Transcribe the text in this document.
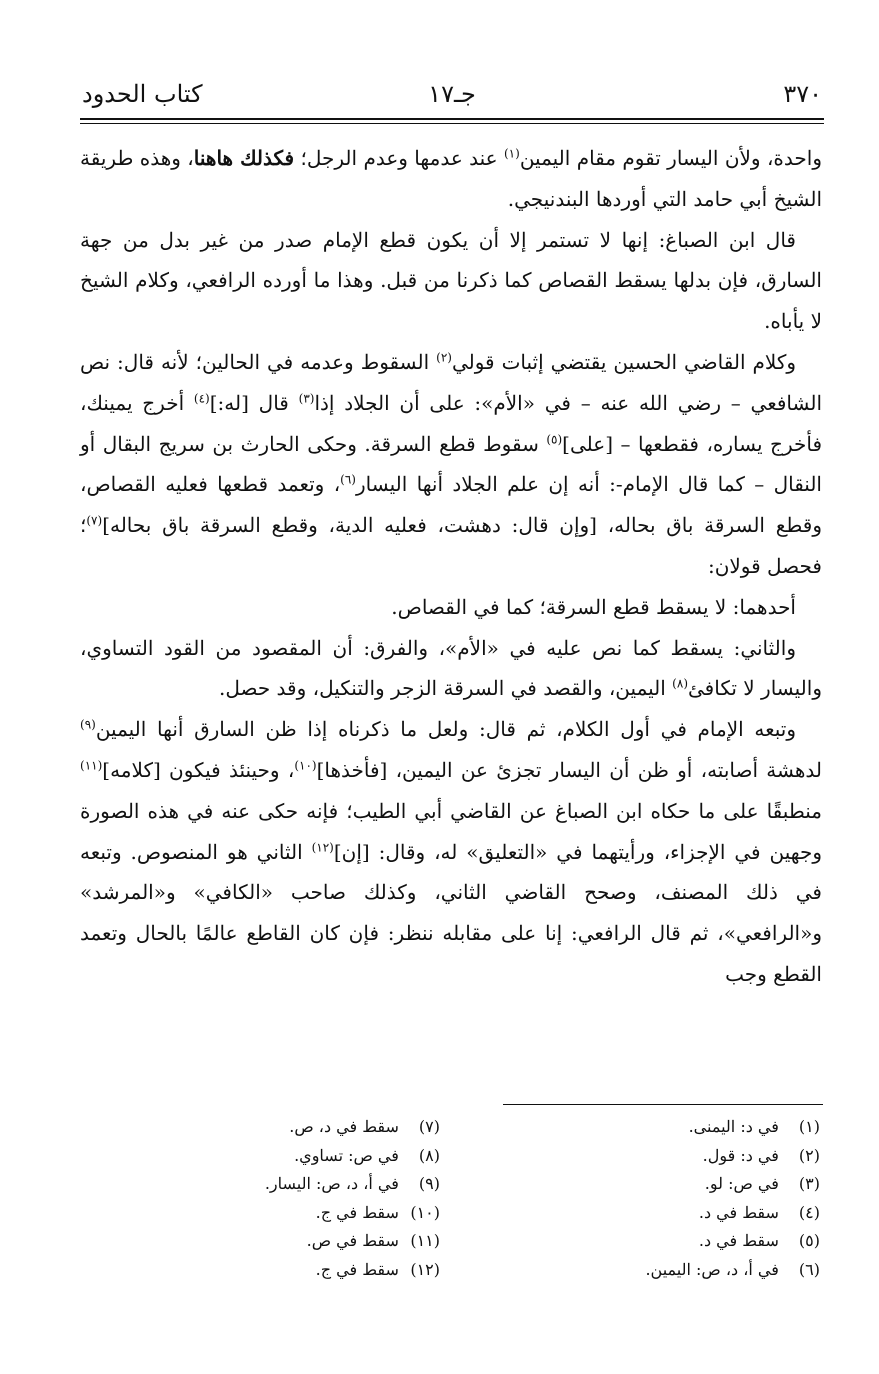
كتاب الحدود	جـ١٧	٣٧٠

واحدة، ولأن اليسار تقوم مقام اليمين$^{(١)}$ عند عدمها وعدم الرجل؛ فكذلك هاهنا، وهذه طريقة الشيخ أبي حامد التي أوردها البندنيجي.

قال ابن الصباغ: إنها لا تستمر إلا أن يكون قطع الإمام صدر من غير بدل من جهة السارق، فإن بدلها يسقط القصاص كما ذكرنا من قبل. وهذا ما أورده الرافعي، وكلام الشيخ لا يأباه.

وكلام القاضي الحسين يقتضي إثبات قولي$^{(٢)}$ السقوط وعدمه في الحالين؛ لأنه قال: نص الشافعي – رضي الله عنه – في «الأم»: على أن الجلاد إذا$^{(٣)}$ قال [له:]$^{(٤)}$ أخرج يمينك، فأخرج يساره، فقطعها – [على]$^{(٥)}$ سقوط قطع السرقة. وحكى الحارث بن سريج البقال أو النقال – كما قال الإمام-: أنه إن علم الجلاد أنها اليسار$^{(٦)}$، وتعمد قطعها فعليه القصاص، وقطع السرقة باق بحاله، [وإن قال: دهشت، فعليه الدية، وقطع السرقة باق بحاله]$^{(٧)}$؛ فحصل قولان:

أحدهما: لا يسقط قطع السرقة؛ كما في القصاص.

والثاني: يسقط كما نص عليه في «الأم»، والفرق: أن المقصود من القود التساوي، واليسار لا تكافئ$^{(٨)}$ اليمين، والقصد في السرقة الزجر والتنكيل، وقد حصل.

وتبعه الإمام في أول الكلام، ثم قال: ولعل ما ذكرناه إذا ظن السارق أنها اليمين$^{(٩)}$ لدهشة أصابته، أو ظن أن اليسار تجزئ عن اليمين، [فأخذها]$^{(١٠)}$، وحينئذ فيكون [كلامه]$^{(١١)}$ منطبقًا على ما حكاه ابن الصباغ عن القاضي أبي الطيب؛ فإنه حكى عنه في هذه الصورة وجهين في الإجزاء، ورأيتهما في «التعليق» له، وقال: [إن]$^{(١٢)}$ الثاني هو المنصوص. وتبعه في ذلك المصنف، وصحح القاضي الثاني، وكذلك صاحب «الكافي» و«المرشد» و«الرافعي»، ثم قال الرافعي: إنا على مقابله ننظر: فإن كان القاطع عالمًا بالحال وتعمد القطع وجب

(١) في د: اليمنى.
(٢) في د: قول.
(٣) في ص: لو.
(٤) سقط في د.
(٥) سقط في د.
(٦) في أ، د، ص: اليمين.
(٧) سقط في د، ص.
(٨) في ص: تساوي.
(٩) في أ، د، ص: اليسار.
(١٠) سقط في ج.
(١١) سقط في ص.
(١٢) سقط في ج.
